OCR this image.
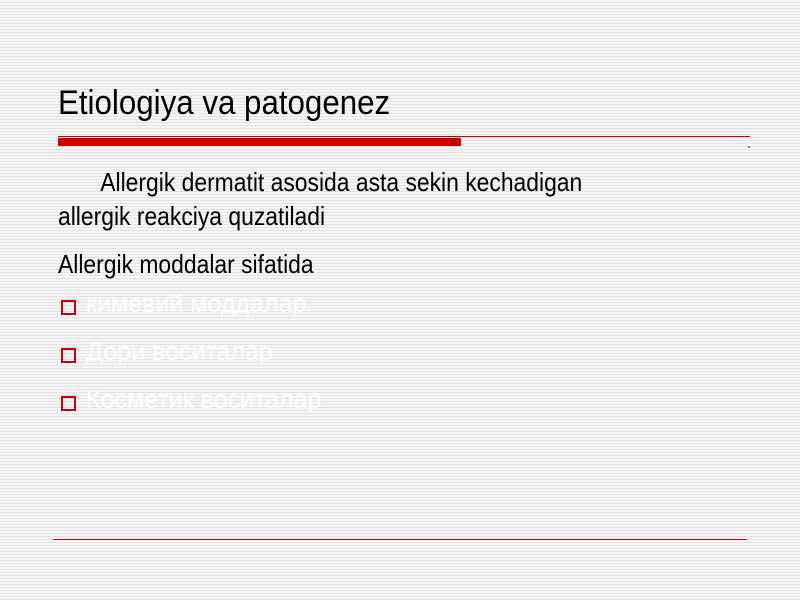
Etiologiya va patogenez

Allergik dermatit asosida asta sekin kechadigan

allergik reakciya quzatiladi

Allergik moddalar sifatida

кимевий моддалар
Дори воситалар
Косметик воситалар
